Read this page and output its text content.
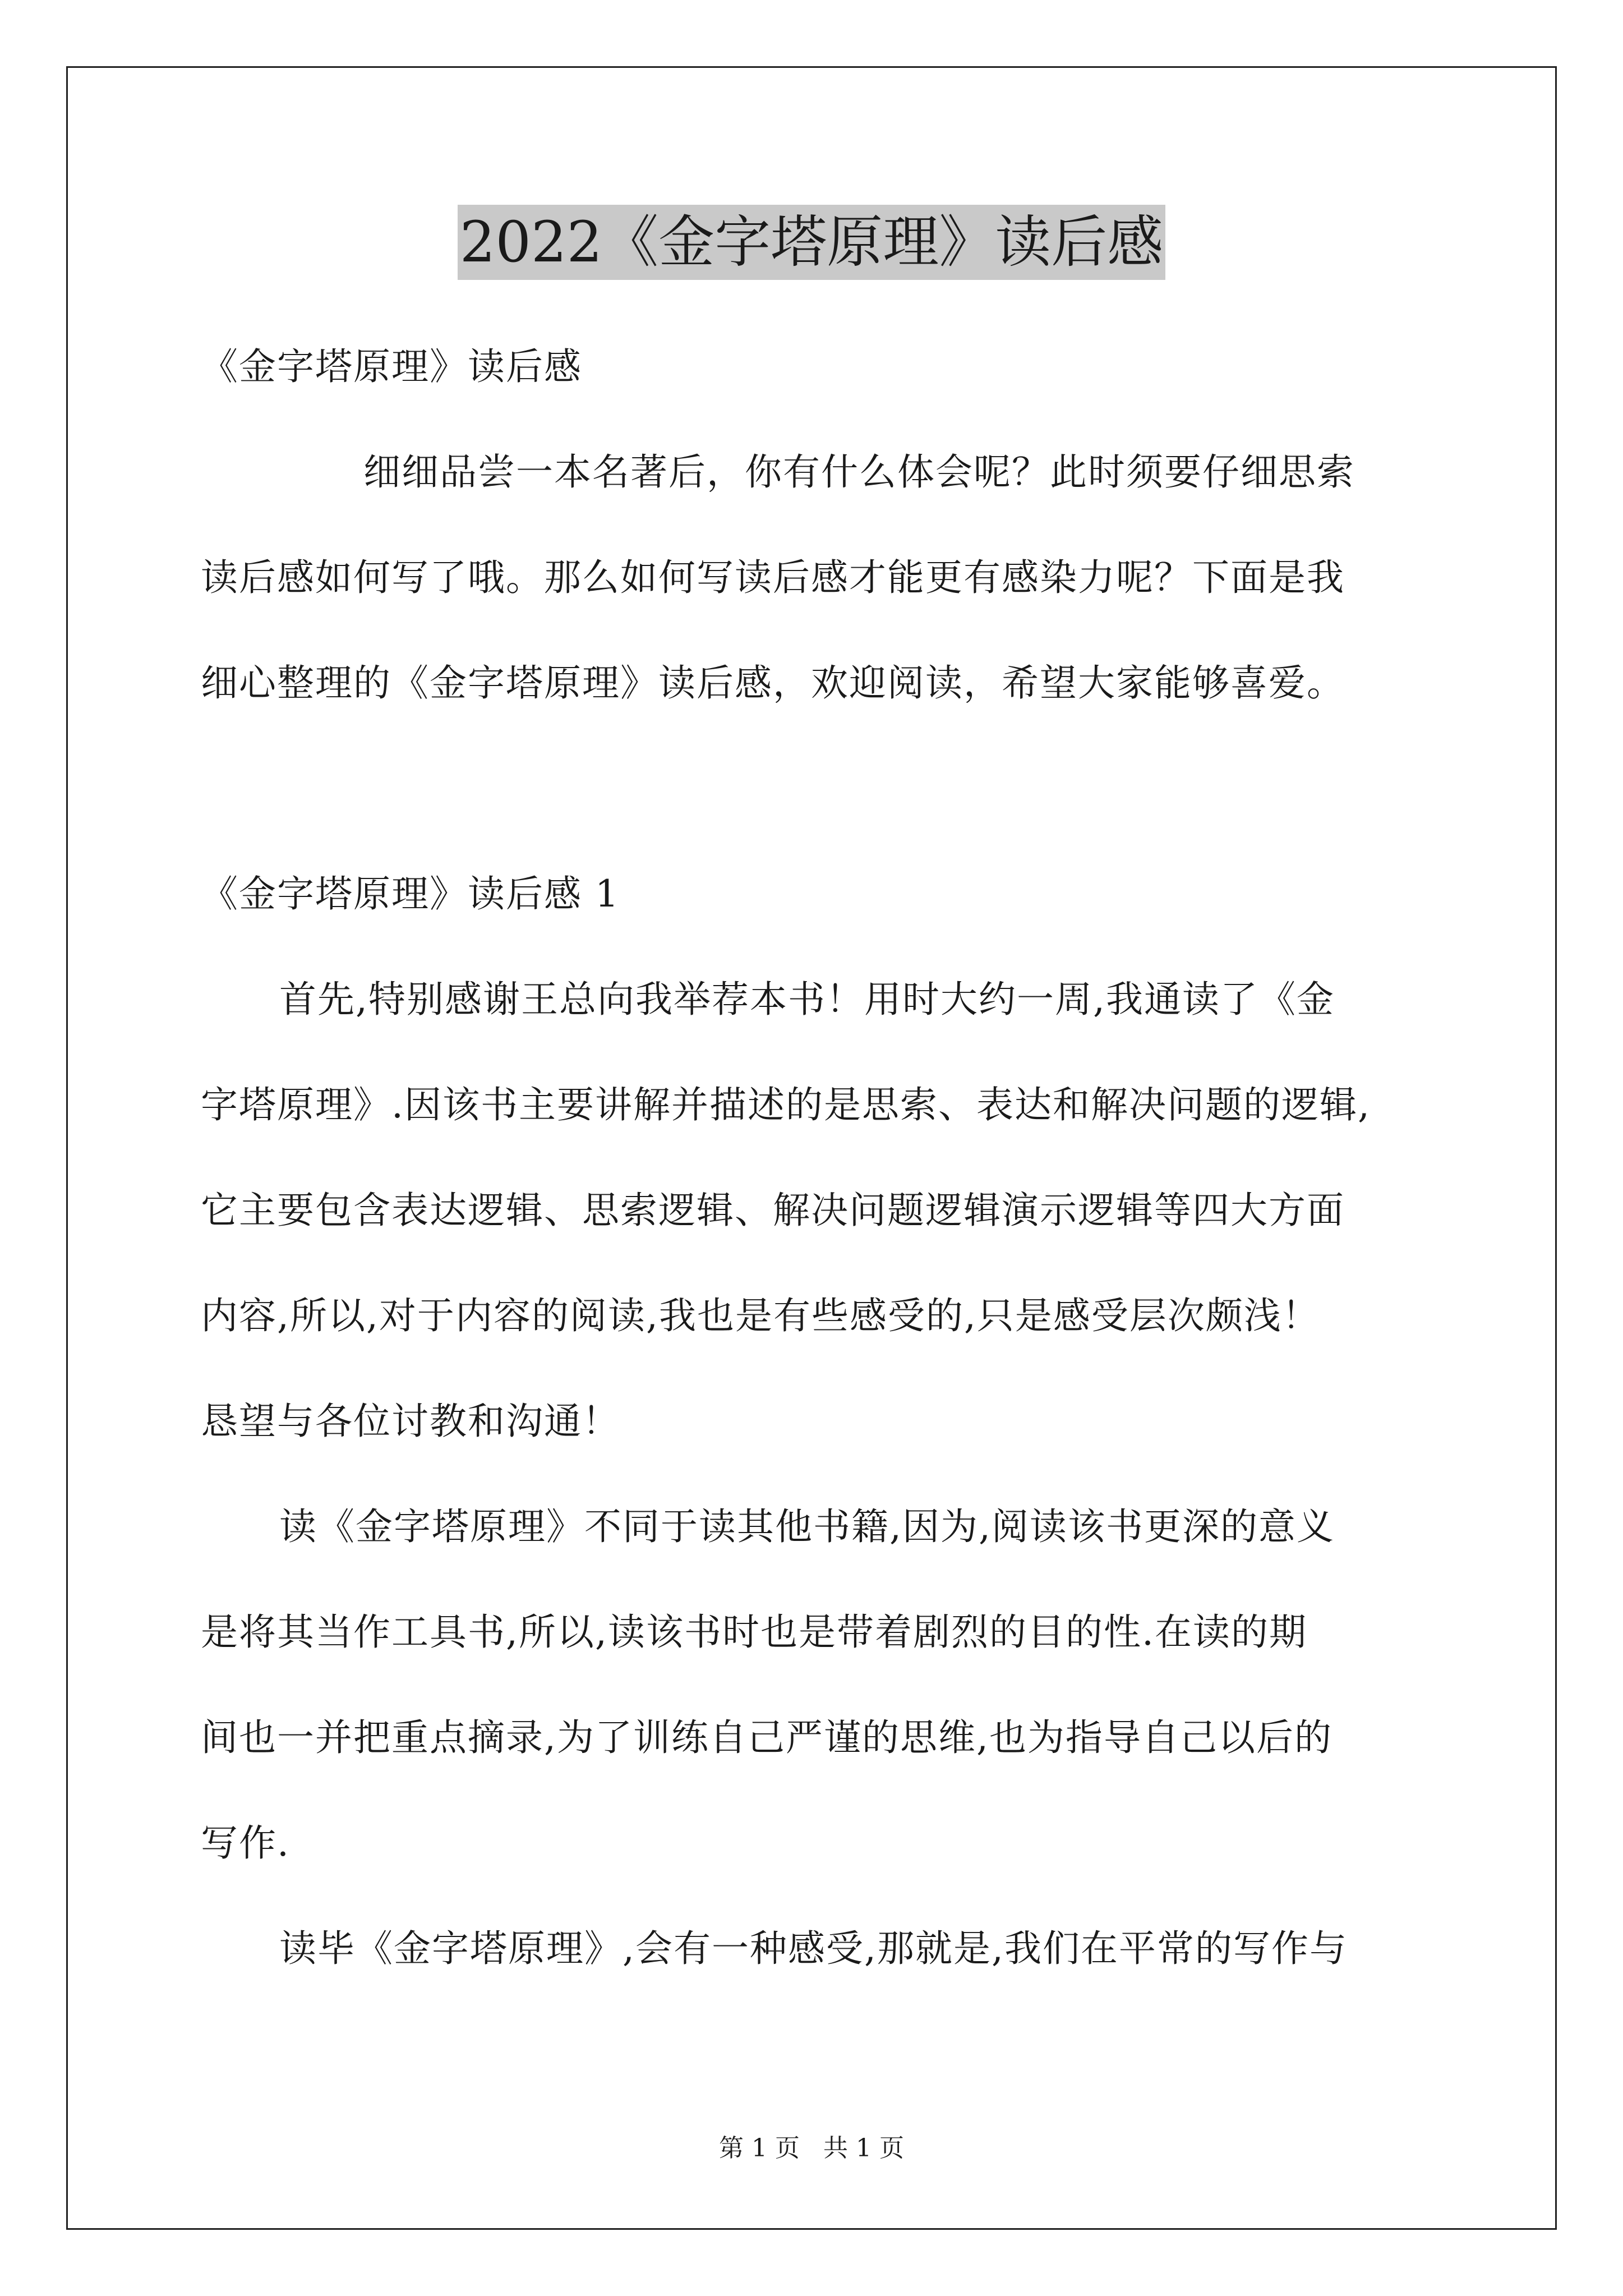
2022《金字塔原理》读后感
《金字塔原理》读后感
细细品尝一本名著后，你有什么体会呢？此时须要仔细思索
读后感如何写了哦。那么如何写读后感才能更有感染力呢？下面是我
细心整理的《金字塔原理》读后感，欢迎阅读，希望大家能够喜爱。
《金字塔原理》读后感 1
首先,特别感谢王总向我举荐本书！用时大约一周,我通读了《金
字塔原理》.因该书主要讲解并描述的是思索、表达和解决问题的逻辑,
它主要包含表达逻辑、思索逻辑、解决问题逻辑演示逻辑等四大方面
内容,所以,对于内容的阅读,我也是有些感受的,只是感受层次颇浅！
恳望与各位讨教和沟通！
读《金字塔原理》不同于读其他书籍,因为,阅读该书更深的意义
是将其当作工具书,所以,读该书时也是带着剧烈的目的性.在读的期
间也一并把重点摘录,为了训练自己严谨的思维,也为指导自己以后的
写作.
读毕《金字塔原理》,会有一种感受,那就是,我们在平常的写作与
第 1 页   共 1 页
